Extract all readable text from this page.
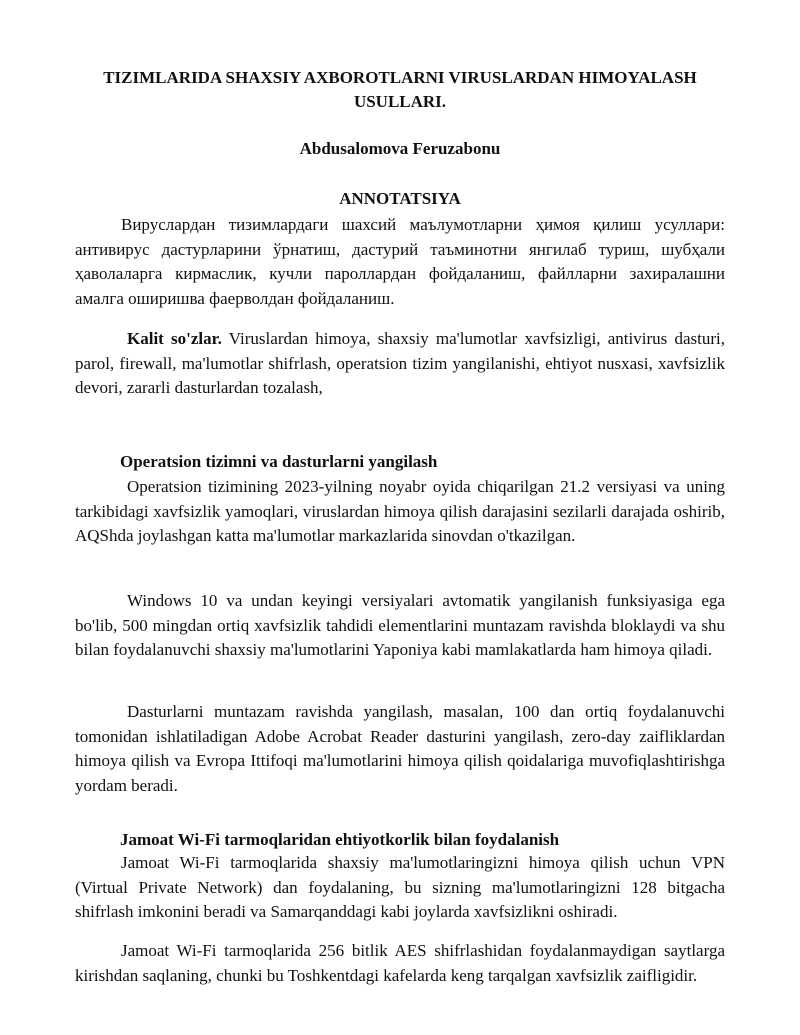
TIZIMLARIDA SHAXSIY AXBOROTLARNI VIRUSLARDAN HIMOYALASH USULLARI.

Abdusalomova Feruzabonu

ANNOTATSIYA

Вируслардан тизимлардаги шахсий маълумотларни ҳимоя қилиш усуллари: антивирус дастурларини ўрнатиш, дастурий таъминотни янгилаб туриш, шубҳали ҳаволаларга кирмаслик, кучли пароллардан фойдаланиш, файлларни захиралашни амалга оширишва фаерволдан фойдаланиш.

Kalit so'zlar. Viruslardan himoya, shaxsiy ma'lumotlar xavfsizligi, antivirus dasturi, parol, firewall, ma'lumotlar shifrlash, operatsion tizim yangilanishi, ehtiyot nusxasi, xavfsizlik devori, zararli dasturlardan tozalash,

Operatsion tizimni va dasturlarni yangilash

Operatsion tizimining 2023-yilning noyabr oyida chiqarilgan 21.2 versiyasi va uning tarkibidagi xavfsizlik yamoqlari, viruslardan himoya qilish darajasini sezilarli darajada oshirib, AQShda joylashgan katta ma'lumotlar markazlarida sinovdan o'tkazilgan.

Windows 10 va undan keyingi versiyalari avtomatik yangilanish funksiyasiga ega bo'lib, 500 mingdan ortiq xavfsizlik tahdidi elementlarini muntazam ravishda bloklaydi va shu bilan foydalanuvchi shaxsiy ma'lumotlarini Yaponiya kabi mamlakatlarda ham himoya qiladi.

Dasturlarni muntazam ravishda yangilash, masalan, 100 dan ortiq foydalanuvchi tomonidan ishlatiladigan Adobe Acrobat Reader dasturini yangilash, zero-day zaifliklardan himoya qilish va Evropa Ittifoqi ma'lumotlarini himoya qilish qoidalariga muvofiqlashtirishga yordam beradi.

Jamoat Wi-Fi tarmoqlaridan ehtiyotkorlik bilan foydalanish

Jamoat Wi-Fi tarmoqlarida shaxsiy ma'lumotlaringizni himoya qilish uchun VPN (Virtual Private Network) dan foydalaning, bu sizning ma'lumotlaringizni 128 bitgacha shifrlash imkonini beradi va Samarqanddagi kabi joylarda xavfsizlikni oshiradi.

Jamoat Wi-Fi tarmoqlarida 256 bitlik AES shifrlashidan foydalanmaydigan saytlarga kirishdan saqlaning, chunki bu Toshkentdagi kafelarda keng tarqalgan xavfsizlik zaifligidir.
